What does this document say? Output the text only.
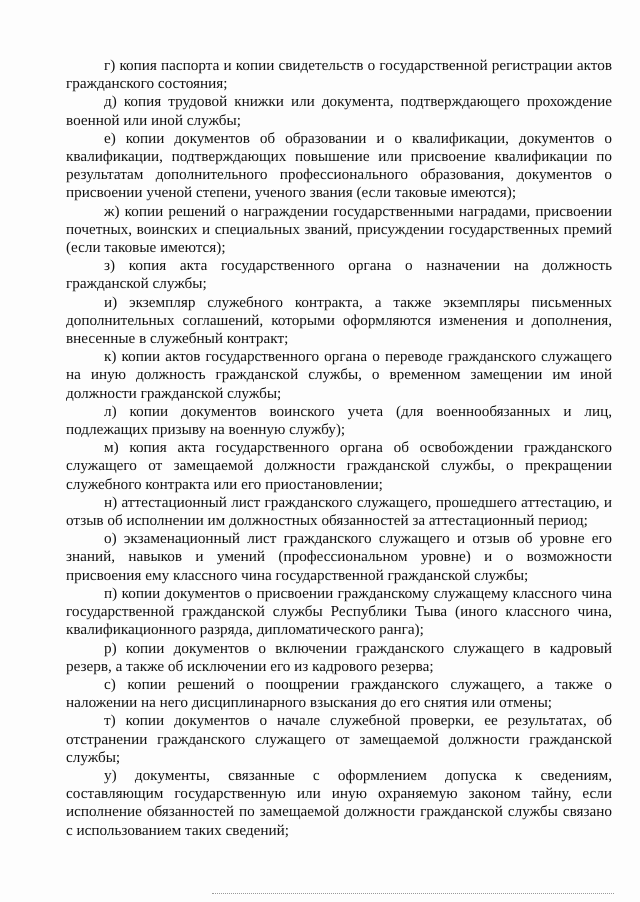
г) копия паспорта и копии свидетельств о государственной регистрации актов гражданского состояния;

д) копия трудовой книжки или документа, подтверждающего прохождение военной или иной службы;

е) копии документов об образовании и о квалификации, документов о квалификации, подтверждающих повышение или присвоение квалификации по результатам дополнительного профессионального образования, документов о присвоении ученой степени, ученого звания (если таковые имеются);

ж) копии решений о награждении государственными наградами, присвоении почетных, воинских и специальных званий, присуждении государственных премий (если таковые имеются);

з) копия акта государственного органа о назначении на должность гражданской службы;

и) экземпляр служебного контракта, а также экземпляры письменных дополнительных соглашений, которыми оформляются изменения и дополнения, внесенные в служебный контракт;

к) копии актов государственного органа о переводе гражданского служащего на иную должность гражданской службы, о временном замещении им иной должности гражданской службы;

л) копии документов воинского учета (для военнообязанных и лиц, подлежащих призыву на военную службу);

м) копия акта государственного органа об освобождении гражданского служащего от замещаемой должности гражданской службы, о прекращении служебного контракта или его приостановлении;

н) аттестационный лист гражданского служащего, прошедшего аттестацию, и отзыв об исполнении им должностных обязанностей за аттестационный период;

о) экзаменационный лист гражданского служащего и отзыв об уровне его знаний, навыков и умений (профессиональном уровне) и о возможности присвоения ему классного чина государственной гражданской службы;

п) копии документов о присвоении гражданскому служащему классного чина государственной гражданской службы Республики Тыва (иного классного чина, квалификационного разряда, дипломатического ранга);

р) копии документов о включении гражданского служащего в кадровый резерв, а также об исключении его из кадрового резерва;

с) копии решений о поощрении гражданского служащего, а также о наложении на него дисциплинарного взыскания до его снятия или отмены;

т) копии документов о начале служебной проверки, ее результатах, об отстранении гражданского служащего от замещаемой должности гражданской службы;

у) документы, связанные с оформлением допуска к сведениям, составляющим государственную или иную охраняемую законом тайну, если исполнение обязанностей по замещаемой должности гражданской службы связано с использованием таких сведений;
